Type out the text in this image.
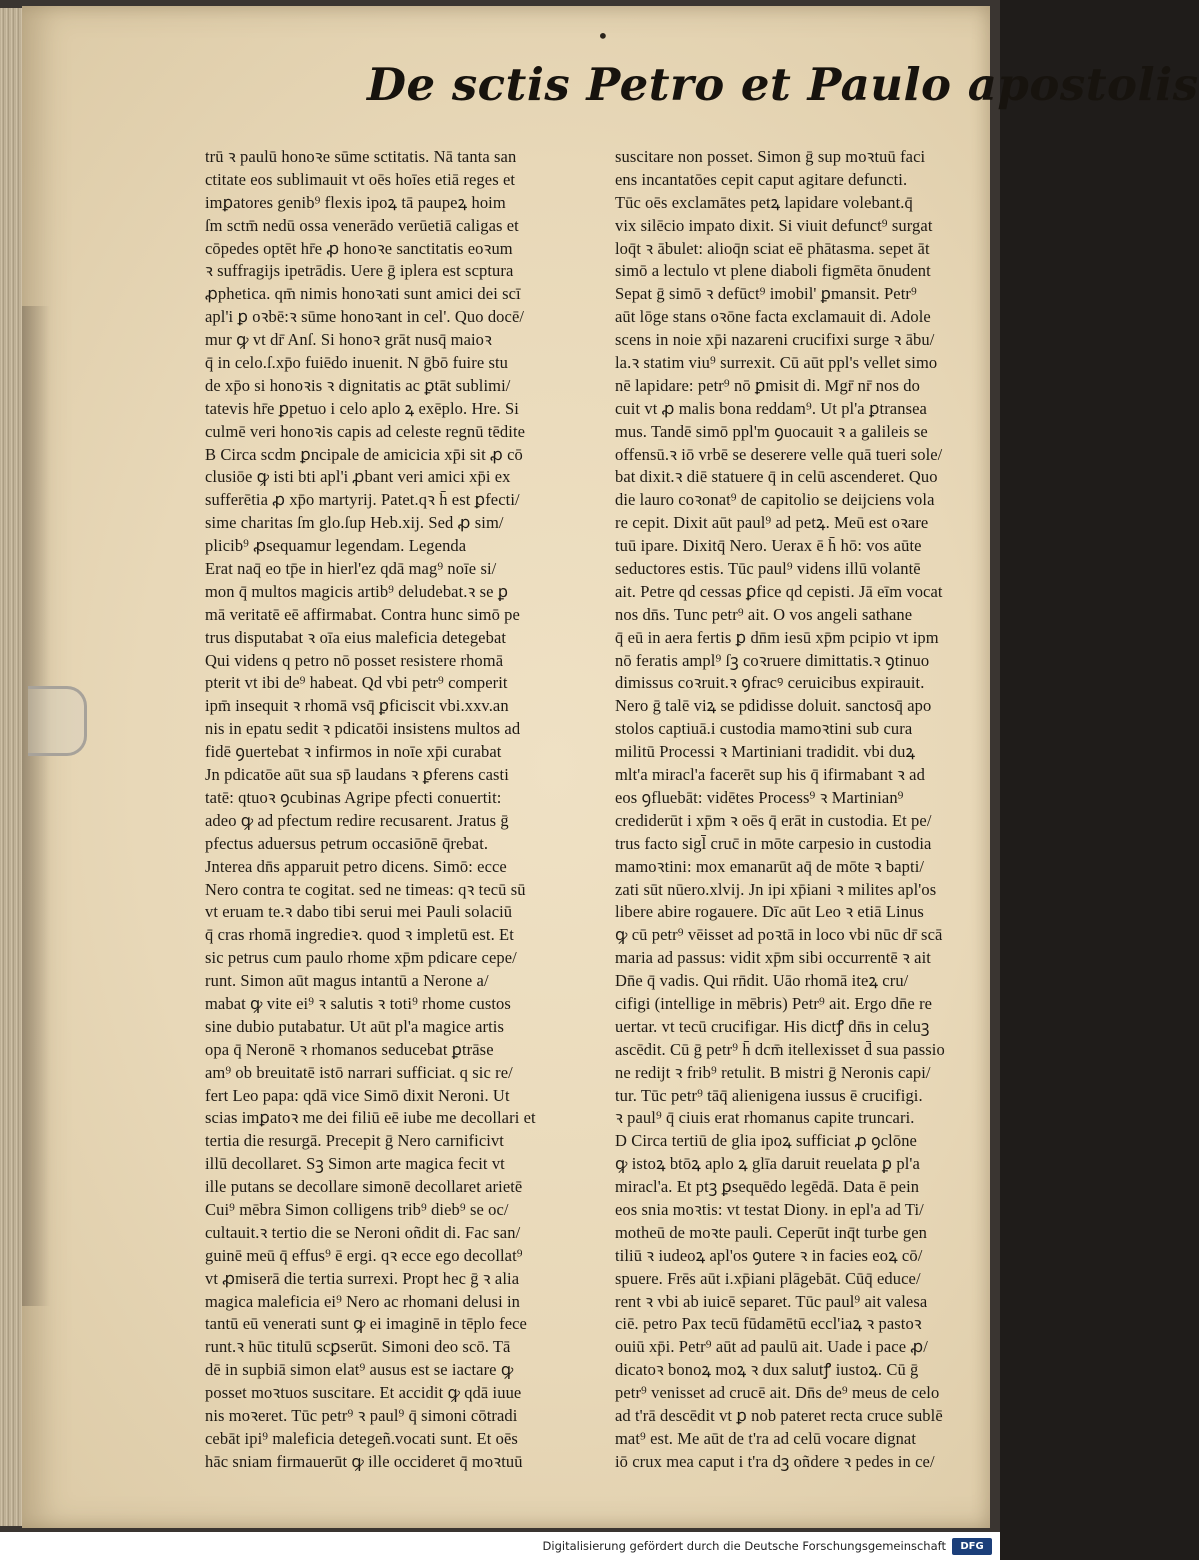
•
De sctis Petro et Paulo apostolis
trū ꝛ paulū honoꝛe sūme sctitatis. Nā tanta san
ctitate eos sublimauit vt oēs hoīes etiā reges et
imꝑatores genib⁹ flexis ipoꝝ tā paupeꝝ hoim
ſm sctm̄ nedū ossa venerādo verūetiā caligas et
cōpedes optēt hr̄e ꝓ honoꝛe sanctitatis eoꝛum
ꝛ suffragijs ipetrādis. Uere ḡ iplera est scptura
ꝓphetica. qm̄ nimis honoꝛati sunt amici dei scī
apl'i ꝑ oꝛbē:ꝛ sūme honoꝛant in cel'. Quo docē/
mur ꝙ vt dr̄ Anſ. Si honoꝛ grāt nusq̄ maioꝛ
q̄ in celo.ſ.xp̄o fuiēdo inuenit. N ḡbō fuire stu
de xp̄o si honoꝛis ꝛ dignitatis ac ꝑtāt sublimi/
tatevis hr̄e ꝑpetuo i celo aplo ꝝ exēplo. Hre. Si
culmē veri honoꝛis capis ad celeste regnū tēdite
B Circa scdm ꝑncipale de amicicia xp̄i sit ꝓ cō
clusiōe ꝙ isti bti apl'i ꝓbant veri amici xp̄i ex
sufferētia ꝓ xp̄o martyrij. Patet.qꝛ h̄ est ꝑfecti/
sime charitas ſm glo.ſup Heb.xij. Sed ꝓ sim/
plicib⁹ ꝓsequamur legendam. Legenda
Erat naq̄ eo tp̄e in hierl'ez qdā mag⁹ noīe si/
mon q̄ multos magicis artib⁹ deludebat.ꝛ se ꝑ
mā veritatē eē affirmabat. Contra hunc simō pe
trus disputabat ꝛ oīa eius maleficia detegebat
Qui videns q petro nō posset resistere rhomā
pterit vt ibi de⁹ habeat. Qd vbi petr⁹ comperit
ipm̄ insequit ꝛ rhomā vsq̄ ꝑficiscit vbi.xxv.an
nis in epatu sedit ꝛ pdicatōi insistens multos ad
fidē ꝯuertebat ꝛ infirmos in noīe xp̄i curabat
Jn pdicatōe aūt sua sp̄ laudans ꝛ ꝑferens casti
tatē: qtuoꝛ ꝯcubinas Agripe pfecti conuertit:
adeo ꝙ ad pfectum redire recusarent. Jratus ḡ
pfectus aduersus petrum occasiōnē q̄rebat.
Jnterea dn̄s apparuit petro dicens. Simō: ecce
Nero contra te cogitat. sed ne timeas: qꝛ tecū sū
vt eruam te.ꝛ dabo tibi serui mei Pauli solaciū
q̄ cras rhomā ingredieꝛ. quod ꝛ impletū est. Et
sic petrus cum paulo rhome xp̄m pdicare cepe/
runt. Simon aūt magus intantū a Nerone a/
mabat ꝙ vite ei⁹ ꝛ salutis ꝛ toti⁹ rhome custos
sine dubio putabatur. Ut aūt pl'a magice artis
opa q̄ Neronē ꝛ rhomanos seducebat ꝑtrāse
am⁹ ob breuitatē istō narrari sufficiat. q sic re/
fert Leo papa: qdā vice Simō dixit Neroni. Ut
scias imꝑatoꝛ me dei filiū eē iube me decollari et
tertia die resurgā. Precepit ḡ Nero carnificivt
illū decollaret. Sꝫ Simon arte magica fecit vt
ille putans se decollare simonē decollaret arietē
Cui⁹ mēbra Simon colligens trib⁹ dieb⁹ se oc/
cultauit.ꝛ tertio die se Neroni oñdit di. Fac san/
guinē meū q̄ effus⁹ ē ergi. qꝛ ecce ego decollat⁹
vt ꝓmiserā die tertia surrexi. Propt hec ḡ ꝛ alia
magica maleficia ei⁹ Nero ac rhomani delusi in
tantū eū venerati sunt ꝙ ei imaginē in tēplo fece
runt.ꝛ hūc titulū scꝑserūt. Simoni deo scō. Tā
dē in supbiā simon elat⁹ ausus est se iactare ꝙ
posset moꝛtuos suscitare. Et accidit ꝙ qdā iuue
nis moꝛeret. Tūc petr⁹ ꝛ paul⁹ q̄ simoni cōtradi
cebāt ipi⁹ maleficia detegeñ.vocati sunt. Et oēs
hāc sniam firmauerūt ꝙ ille occideret q̄ moꝛtuū
suscitare non posset. Simon ḡ sup moꝛtuū faci
ens incantatōes cepit caput agitare defuncti.
Tūc oēs exclamātes petꝝ lapidare volebant.q̄
vix silēcio impato dixit. Si viuit defunct⁹ surgat
loq̄t ꝛ ābulet: alioq̄n sciat eē phātasma. sepet āt
simō a lectulo vt plene diaboli figmēta ōnudent
Sepat ḡ simō ꝛ defūct⁹ imobil' ꝑmansit. Petr⁹
aūt lōge stans oꝛōne facta exclamauit di. Adole
scens in noie xp̄i nazareni crucifixi surge ꝛ ābu/
la.ꝛ statim viu⁹ surrexit. Cū aūt ppl's vellet simo
nē lapidare: petr⁹ nō ꝑmisit di. Mgr̄ nr̄ nos do
cuit vt ꝓ malis bona reddam⁹. Ut pl'a ꝑtransea
mus. Tandē simō ppl'm ꝯuocauit ꝛ a galileis se
offensū.ꝛ iō vrbē se deserere velle quā tueri sole/
bat dixit.ꝛ diē statuere q̄ in celū ascenderet. Quo
die lauro coꝛonat⁹ de capitolio se deijciens vola
re cepit. Dixit aūt paul⁹ ad petꝝ. Meū est oꝛare
tuū ipare. Dixitq̄ Nero. Uerax ē h̄ hō: vos aūte
seductores estis. Tūc paul⁹ videns illū volantē
ait. Petre qd cessas ꝑfice qd cepisti. Jā eīm vocat
nos dn̄s. Tunc petr⁹ ait. O vos angeli sathane
q̄ eū in aera fertis ꝑ dn̄m iesū xp̄m pcipio vt ipm
nō feratis ampl⁹ ſꝫ coꝛruere dimittatis.ꝛ ꝯtinuo
dimissus coꝛruit.ꝛ ꝯfracꝰ ceruicibus expirauit.
Nero ḡ talē viꝝ se pdidisse doluit. sanctosq̄ apo
stolos captiuā.i custodia mamoꝛtini sub cura
militū Processi ꝛ Martiniani tradidit. vbi duꝝ
mlt'a miracl'a facerēt sup his q̄ ifirmabant ꝛ ad
eos ꝯfluebāt: vidētes Process⁹ ꝛ Martinian⁹
crediderūt i xp̄m ꝛ oēs q̄ erāt in custodia. Et pe/
trus facto sigl̄ cruc̄ in mōte carpesio in custodia
mamoꝛtini: mox emanarūt aq̄ de mōte ꝛ bapti/
zati sūt nūero.xlvij. Jn ipi xp̄iani ꝛ milites apl'os
libere abire rogauere. Dīc aūt Leo ꝛ etiā Linus
ꝙ cū petr⁹ vēisset ad poꝛtā in loco vbi nūc dr̄ scā
maria ad passus: vidit xp̄m sibi occurrentē ꝛ ait
Dn̄e q̄ vadis. Qui rn̄dit. Uāo rhomā iteꝝ cru/
cifigi (intellige in mēbris) Petr⁹ ait. Ergo dn̄e re
uertar. vt tecū crucifigar. His dictꝭ dn̄s in celuꝫ
ascēdit. Cū ḡ petr⁹ h̄ dcm̄ itellexisset d̄ sua passio
ne redijt ꝛ frib⁹ retulit. B mistri ḡ Neronis capi/
tur. Tūc petr⁹ tāq̄ alienigena iussus ē crucifigi.
ꝛ paul⁹ q̄ ciuis erat rhomanus capite truncari.
D Circa tertiū de glia ipoꝝ sufficiat ꝓ ꝯclōne
ꝙ istoꝝ btōꝝ aplo ꝝ glīa daruit reuelata ꝑ pl'a
miracl'a. Et ptꝫ ꝑsequēdo legēdā. Data ē pein
eos snia moꝛtis: vt testat Diony. in epl'a ad Ti/
motheū de moꝛte pauli. Ceperūt inq̄t turbe gen
tiliū ꝛ iudeoꝝ apl'os ꝯutere ꝛ in facies eoꝝ cō/
spuere. Frēs aūt i.xp̄iani plāgebāt. Cūq̄ educe/
rent ꝛ vbi ab iuicē separet. Tūc paul⁹ ait valesa
ciē. petro Pax tecū fūdamētū eccl'iaꝝ ꝛ pastoꝛ
ouiū xp̄i. Petr⁹ aūt ad paulū ait. Uade i pace ꝓ/
dicatoꝛ bonoꝝ moꝝ ꝛ dux salutꝭ iustoꝝ. Cū ḡ
petr⁹ venisset ad crucē ait. Dn̄s de⁹ meus de celo
ad t'rā descēdit vt ꝑ nob pateret recta cruce sublē
mat⁹ est. Me aūt de t'ra ad celū vocare dignat
iō crux mea caput i t'ra dꝫ oñdere ꝛ pedes in ce/
Digitalisierung gefördert durch die Deutsche Forschungsgemeinschaft	DFG
